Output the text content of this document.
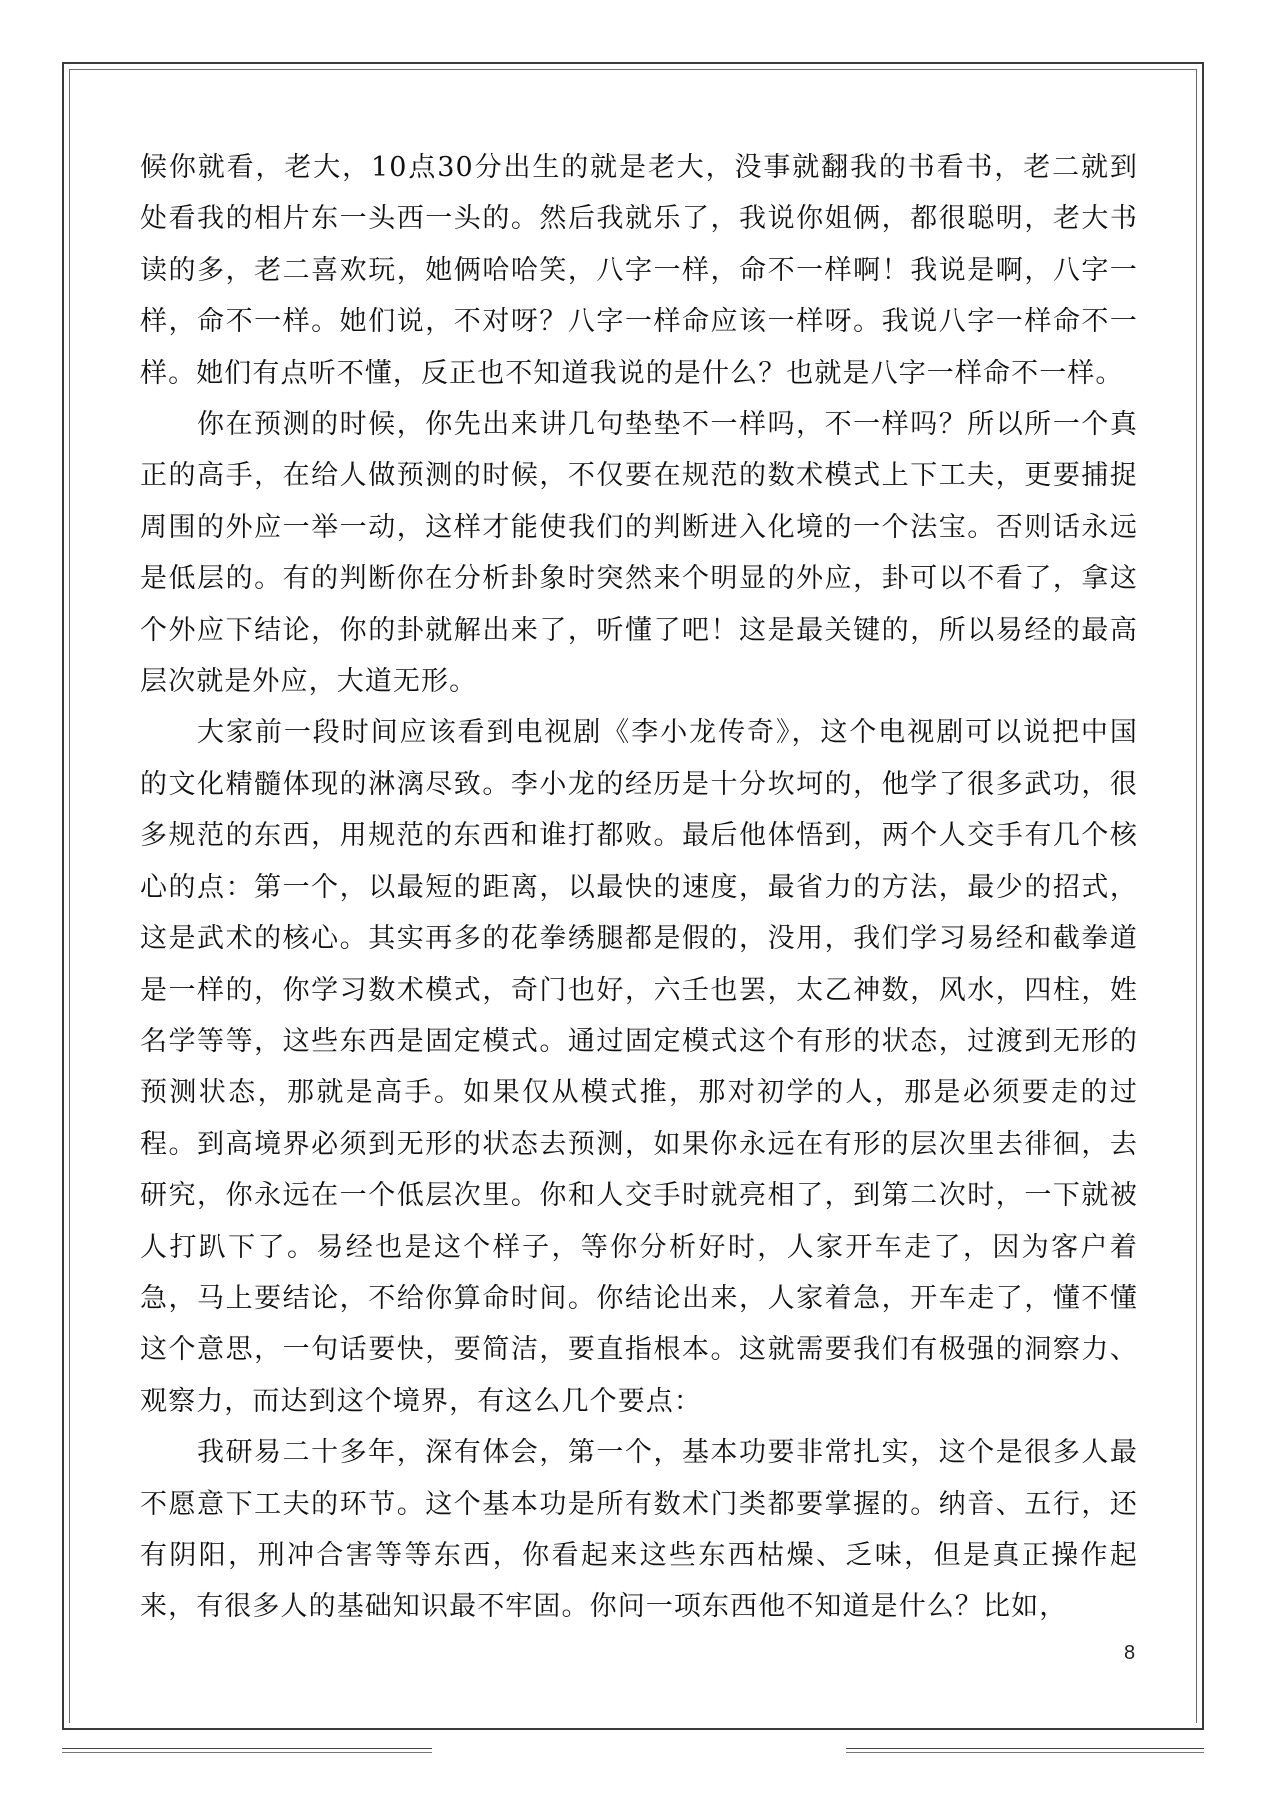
候你就看，老大，10点30分出生的就是老大，没事就翻我的书看书，老二就到处看我的相片东一头西一头的。然后我就乐了，我说你姐俩，都很聪明，老大书读的多，老二喜欢玩，她俩哈哈笑，八字一样，命不一样啊！我说是啊，八字一样，命不一样。她们说，不对呀？八字一样命应该一样呀。我说八字一样命不一样。她们有点听不懂，反正也不知道我说的是什么？也就是八字一样命不一样。

你在预测的时候，你先出来讲几句垫垫不一样吗，不一样吗？所以所一个真正的高手，在给人做预测的时候，不仅要在规范的数术模式上下工夫，更要捕捉周围的外应一举一动，这样才能使我们的判断进入化境的一个法宝。否则话永远是低层的。有的判断你在分析卦象时突然来个明显的外应，卦可以不看了，拿这个外应下结论，你的卦就解出来了，听懂了吧！这是最关键的，所以易经的最高层次就是外应，大道无形。

大家前一段时间应该看到电视剧《李小龙传奇》，这个电视剧可以说把中国的文化精髓体现的淋漓尽致。李小龙的经历是十分坎坷的，他学了很多武功，很多规范的东西，用规范的东西和谁打都败。最后他体悟到，两个人交手有几个核心的点：第一个，以最短的距离，以最快的速度，最省力的方法，最少的招式，这是武术的核心。其实再多的花拳绣腿都是假的，没用，我们学习易经和截拳道是一样的，你学习数术模式，奇门也好，六壬也罢，太乙神数，风水，四柱，姓名学等等，这些东西是固定模式。通过固定模式这个有形的状态，过渡到无形的预测状态，那就是高手。如果仅从模式推，那对初学的人，那是必须要走的过程。到高境界必须到无形的状态去预测，如果你永远在有形的层次里去徘徊，去研究，你永远在一个低层次里。你和人交手时就亮相了，到第二次时，一下就被人打趴下了。易经也是这个样子，等你分析好时，人家开车走了，因为客户着急，马上要结论，不给你算命时间。你结论出来，人家着急，开车走了，懂不懂这个意思，一句话要快，要简洁，要直指根本。这就需要我们有极强的洞察力、观察力，而达到这个境界，有这么几个要点：

我研易二十多年，深有体会，第一个，基本功要非常扎实，这个是很多人最不愿意下工夫的环节。这个基本功是所有数术门类都要掌握的。纳音、五行，还有阴阳，刑冲合害等等东西，你看起来这些东西枯燥、乏味，但是真正操作起来，有很多人的基础知识最不牢固。你问一项东西他不知道是什么？比如，

8
